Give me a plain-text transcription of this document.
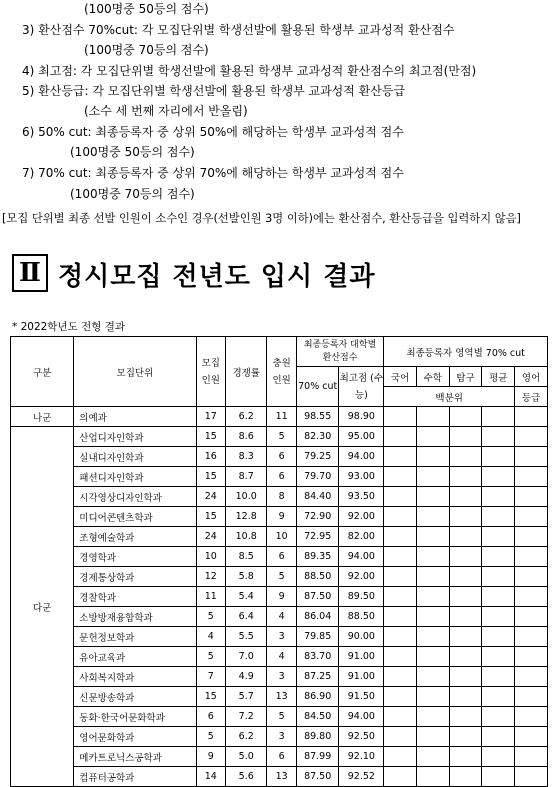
(100명중 50등의 점수)
3) 환산점수 70%cut: 각 모집단위별 학생선발에 활용된 학생부 교과성적 환산점수
(100명중 70등의 점수)
4) 최고점: 각 모집단위별 학생선발에 활용된 학생부 교과성적 환산점수의 최고점(만점)
5) 환산등급: 각 모집단위별 학생선발에 활용된 학생부 교과성적 환산등급
(소수 세 번째 자리에서 반올림)
6) 50% cut: 최종등록자 중 상위 50%에 해당하는 학생부 교과성적 점수
(100명중 50등의 점수)
7) 70% cut: 최종등록자 중 상위 70%에 해당하는 학생부 교과성적 점수
(100명중 70등의 점수)
[모집 단위별 최종 선발 인원이 소수인 경우(선발인원 3명 이하)에는 환산점수, 환산등급을 입력하지 않음]
Ⅱ 정시모집 전년도 입시 결과
* 2022학년도 전형 결과
구분	모집단위	모집 인원	경쟁률	충원 인원	최종등록자 대학별 환산점수		최종등록자 영역별 70% cut				
					70% cut	최고점 (수능)	국어	수학	탐구	평균	영어
							백분위				등급
나군	의예과	17	6.2	11	98.55	98.90					
다군	산업디자인학과	15	8.6	5	82.30	95.00					
	실내디자인학과	16	8.3	6	79.25	94.00					
	패션디자인학과	15	8.7	6	79.70	93.00					
	시각영상디자인학과	24	10.0	8	84.40	93.50					
	미디어콘텐츠학과	15	12.8	9	72.90	92.00					
	조형예술학과	24	10.8	10	72.95	82.00					
	경영학과	10	8.5	6	89.35	94.00					
	경제통상학과	12	5.8	5	88.50	92.00					
	경찰학과	11	5.4	9	87.50	89.50					
	소방방재융합학과	5	6.4	4	86.04	88.50					
	문헌정보학과	4	5.5	3	79.85	90.00					
	유아교육과	5	7.0	4	83.70	91.00					
	사회복지학과	7	4.9	3	87.25	91.00					
	신문방송학과	15	5.7	13	86.90	91.50					
	동화·한국어문화학과	6	7.2	5	84.50	94.00					
	영어문화학과	5	6.2	3	89.80	92.50					
	메카트로닉스공학과	9	5.0	6	87.99	92.10					
	컴퓨터공학과	14	5.6	13	87.50	92.52					
